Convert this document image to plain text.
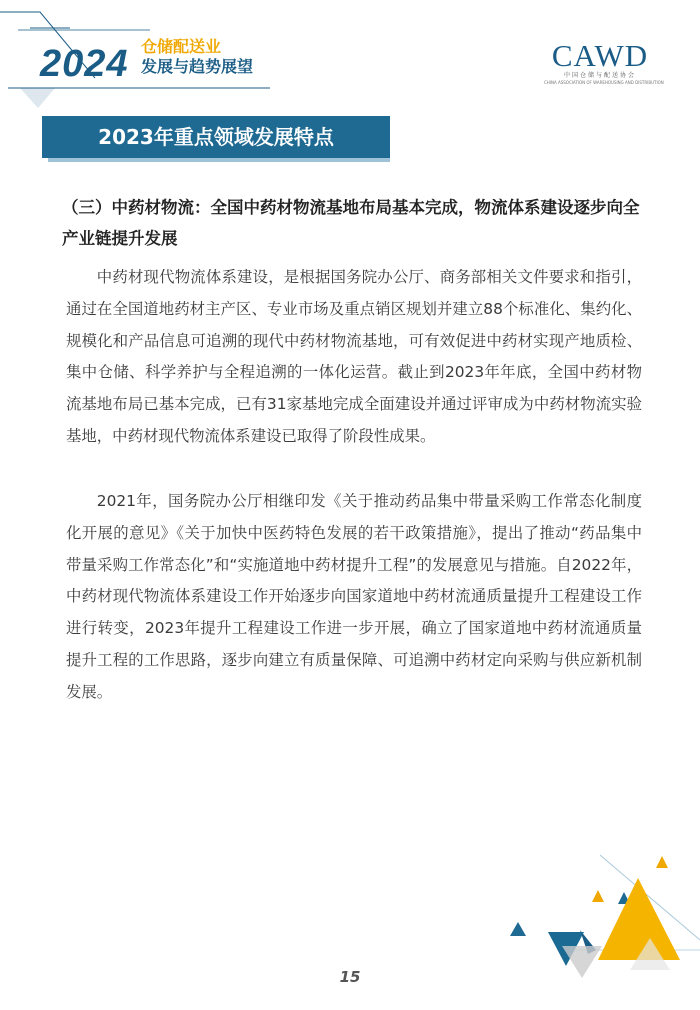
2024 仓储配送业
发展与趋势展望	CAWD
中国仓储与配送协会
CHINA ASSOCIATION OF WAREHOUSING AND DISTRIBUTION
2023年重点领域发展特点
（三）中药材物流：全国中药材物流基地布局基本完成，物流体系建设逐步向全产业链提升发展

中药材现代物流体系建设，是根据国务院办公厅、商务部相关文件要求和指引，通过在全国道地药材主产区、专业市场及重点销区规划并建立88个标准化、集约化、规模化和产品信息可追溯的现代中药材物流基地，可有效促进中药材实现产地质检、集中仓储、科学养护与全程追溯的一体化运营。截止到2023年年底，全国中药材物流基地布局已基本完成，已有31家基地完成全面建设并通过评审成为中药材物流实验基地，中药材现代物流体系建设已取得了阶段性成果。

2021年，国务院办公厅相继印发《关于推动药品集中带量采购工作常态化制度化开展的意见》《关于加快中医药特色发展的若干政策措施》，提出了推动“药品集中带量采购工作常态化”和“实施道地中药材提升工程”的发展意见与措施。自2022年，中药材现代物流体系建设工作开始逐步向国家道地中药材流通质量提升工程建设工作进行转变，2023年提升工程建设工作进一步开展，确立了国家道地中药材流通质量提升工程的工作思路，逐步向建立有质量保障、可追溯中药材定向采购与供应新机制发展。

15
